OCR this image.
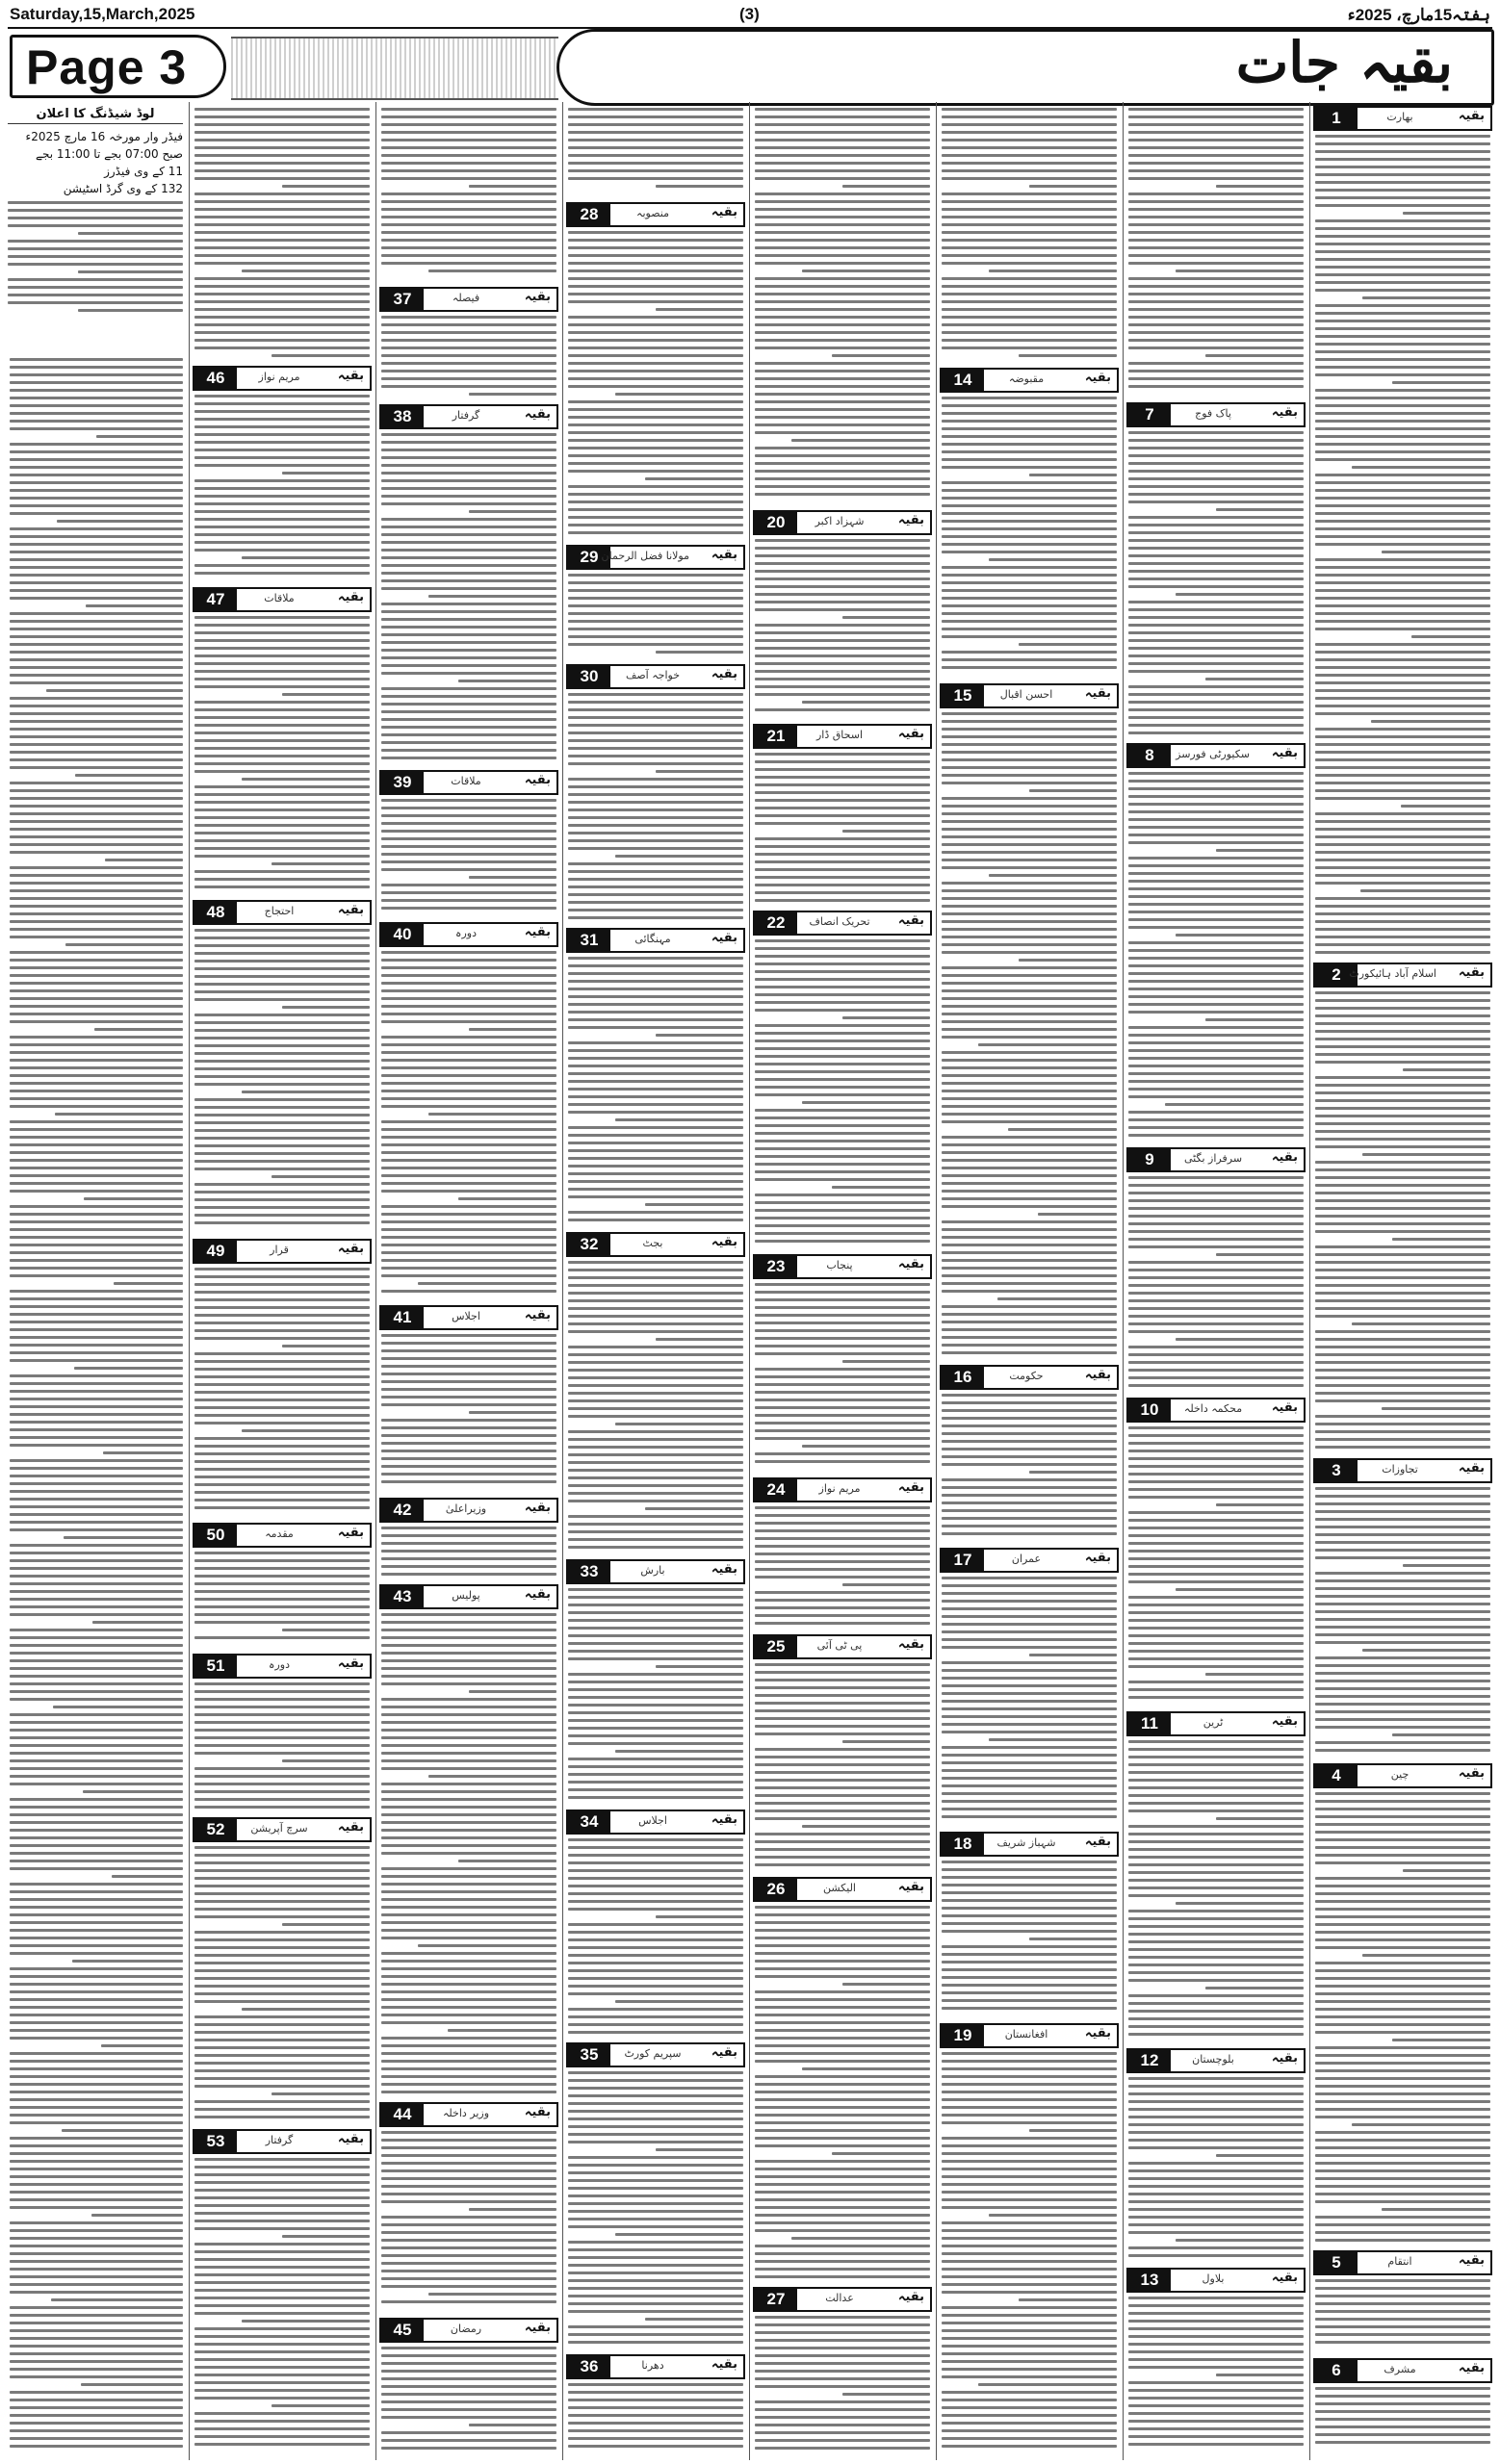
Saturday,15,March,2025	(3)	ہفتہ15مارچ، 2025ء
Page 3	بقیہ جات
لوڈ شیڈنگ کا اعلان
فیڈر وار مورخہ 16 مارچ 2025ء
صبح 07:00 بجے تا 11:00 بجے
11 کے وی فیڈرز
132 کے وی گرڈ اسٹیشن
1	بھارت	بقیہ
2 اسلام آباد ہائیکورٹ بقیہ
3	تجاوزات	بقیہ
4	چین	بقیہ
5	انتقام	بقیہ
6	مشرف	بقیہ
7	پاک فوج	بقیہ
8	سکیورٹی فورسز بقیہ
9	سرفراز بگٹی	بقیہ
10	محکمہ داخلہ	بقیہ
11	ٹرین	بقیہ
12	بلوچستان	بقیہ
13	بلاول	بقیہ
14	مقبوضہ	بقیہ
15	احسن اقبال	بقیہ
16	حکومت	بقیہ
17	عمران	بقیہ
18	شہباز شریف	بقیہ
19	افغانستان	بقیہ
20	شہزاد اکبر	بقیہ
21	اسحاق ڈار	بقیہ
22	تحریک انصاف	بقیہ
23	پنجاب	بقیہ
24	مریم نواز	بقیہ
25	پی ٹی آئی	بقیہ
26	الیکشن	بقیہ
27	عدالت	بقیہ
28	منصوبہ	بقیہ
29 مولانا فضل الرحمان بقیہ
30	خواجہ آصف	بقیہ
31	مہنگائی	بقیہ
32	بجٹ	بقیہ
33	بارش	بقیہ
34	اجلاس	بقیہ
35	سپریم کورٹ	بقیہ
36	دھرنا	بقیہ
37	فیصلہ	بقیہ
38	گرفتار	بقیہ
39	ملاقات	بقیہ
40	دورہ	بقیہ
41	اجلاس	بقیہ
42	وزیراعلیٰ	بقیہ
43	پولیس	بقیہ
44	وزیر داخلہ	بقیہ
45	رمضان	بقیہ
46	مریم نواز	بقیہ
47	ملاقات	بقیہ
48	احتجاج	بقیہ
49	قرار	بقیہ
50	مقدمہ	بقیہ
51	دورہ	بقیہ
52	سرچ آپریشن	بقیہ
53	گرفتار	بقیہ
